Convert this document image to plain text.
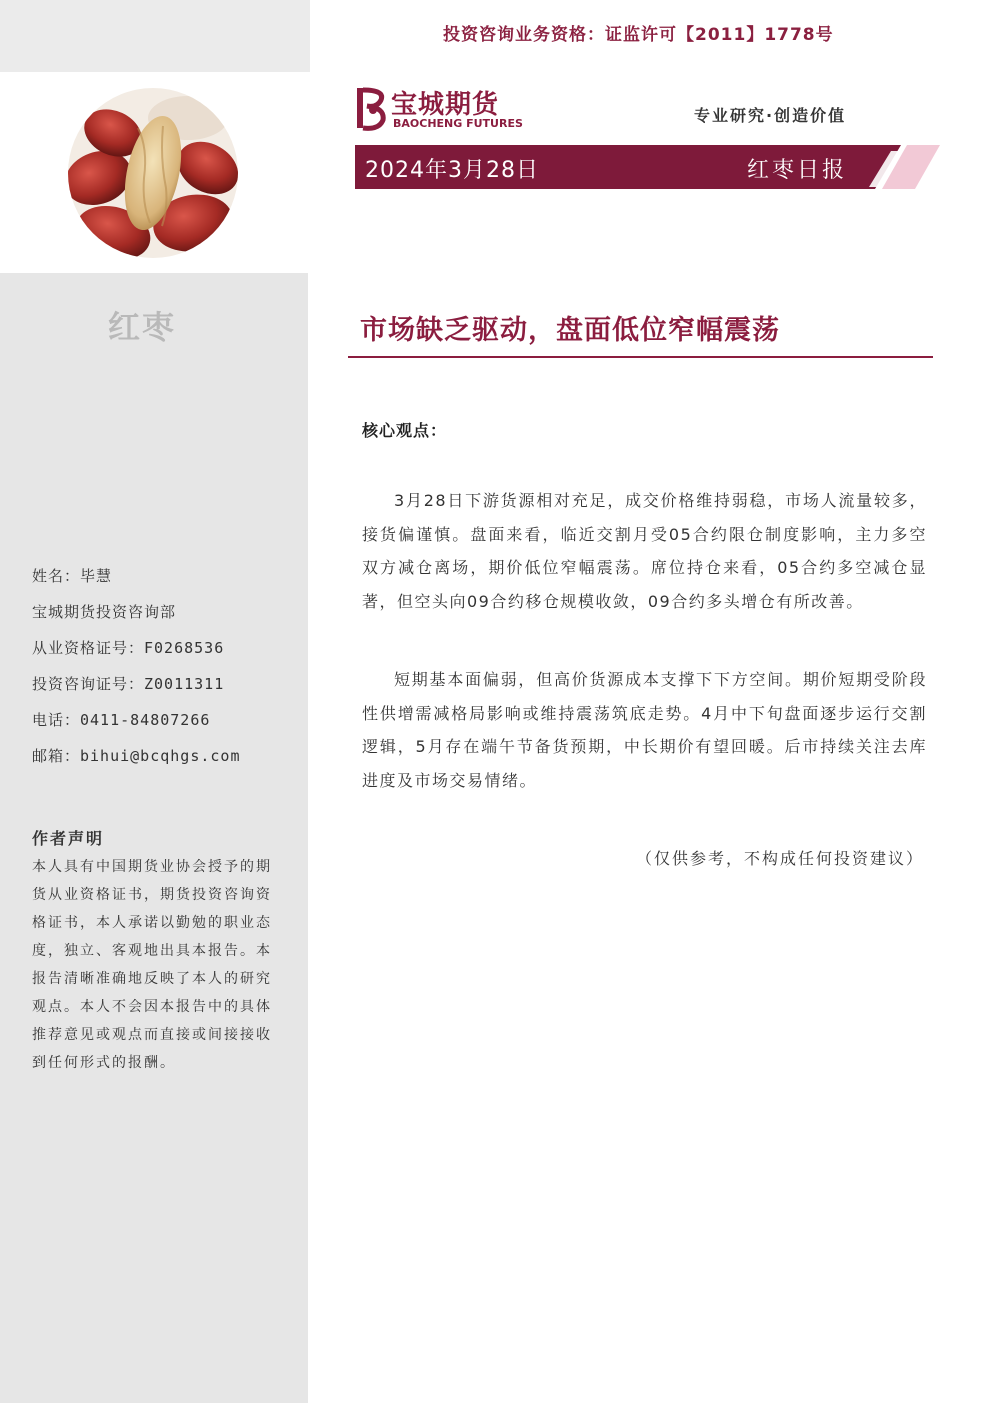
红枣
姓名：毕慧
宝城期货投资咨询部
从业资格证号：F0268536
投资咨询证号：Z0011311
电话：0411-84807266
邮箱：bihui@bcqhgs.com
作者声明
本人具有中国期货业协会授予的期货从业资格证书，期货投资咨询资格证书，本人承诺以勤勉的职业态度，独立、客观地出具本报告。本报告清晰准确地反映了本人的研究观点。本人不会因本报告中的具体推荐意见或观点而直接或间接接收到任何形式的报酬。
投资咨询业务资格：证监许可【2011】1778号
宝城期货
BAOCHENG FUTURES	专业研究·创造价值
2024年3月28日	红枣日报
市场缺乏驱动，盘面低位窄幅震荡
核心观点：
3月28日下游货源相对充足，成交价格维持弱稳，市场人流量较多，接货偏谨慎。盘面来看，临近交割月受05合约限仓制度影响，主力多空双方减仓离场，期价低位窄幅震荡。席位持仓来看，05合约多空减仓显著，但空头向09合约移仓规模收敛，09合约多头增仓有所改善。
短期基本面偏弱，但高价货源成本支撑下下方空间。期价短期受阶段性供增需减格局影响或维持震荡筑底走势。4月中下旬盘面逐步运行交割逻辑，5月存在端午节备货预期，中长期价有望回暖。后市持续关注去库进度及市场交易情绪。
（仅供参考，不构成任何投资建议）
